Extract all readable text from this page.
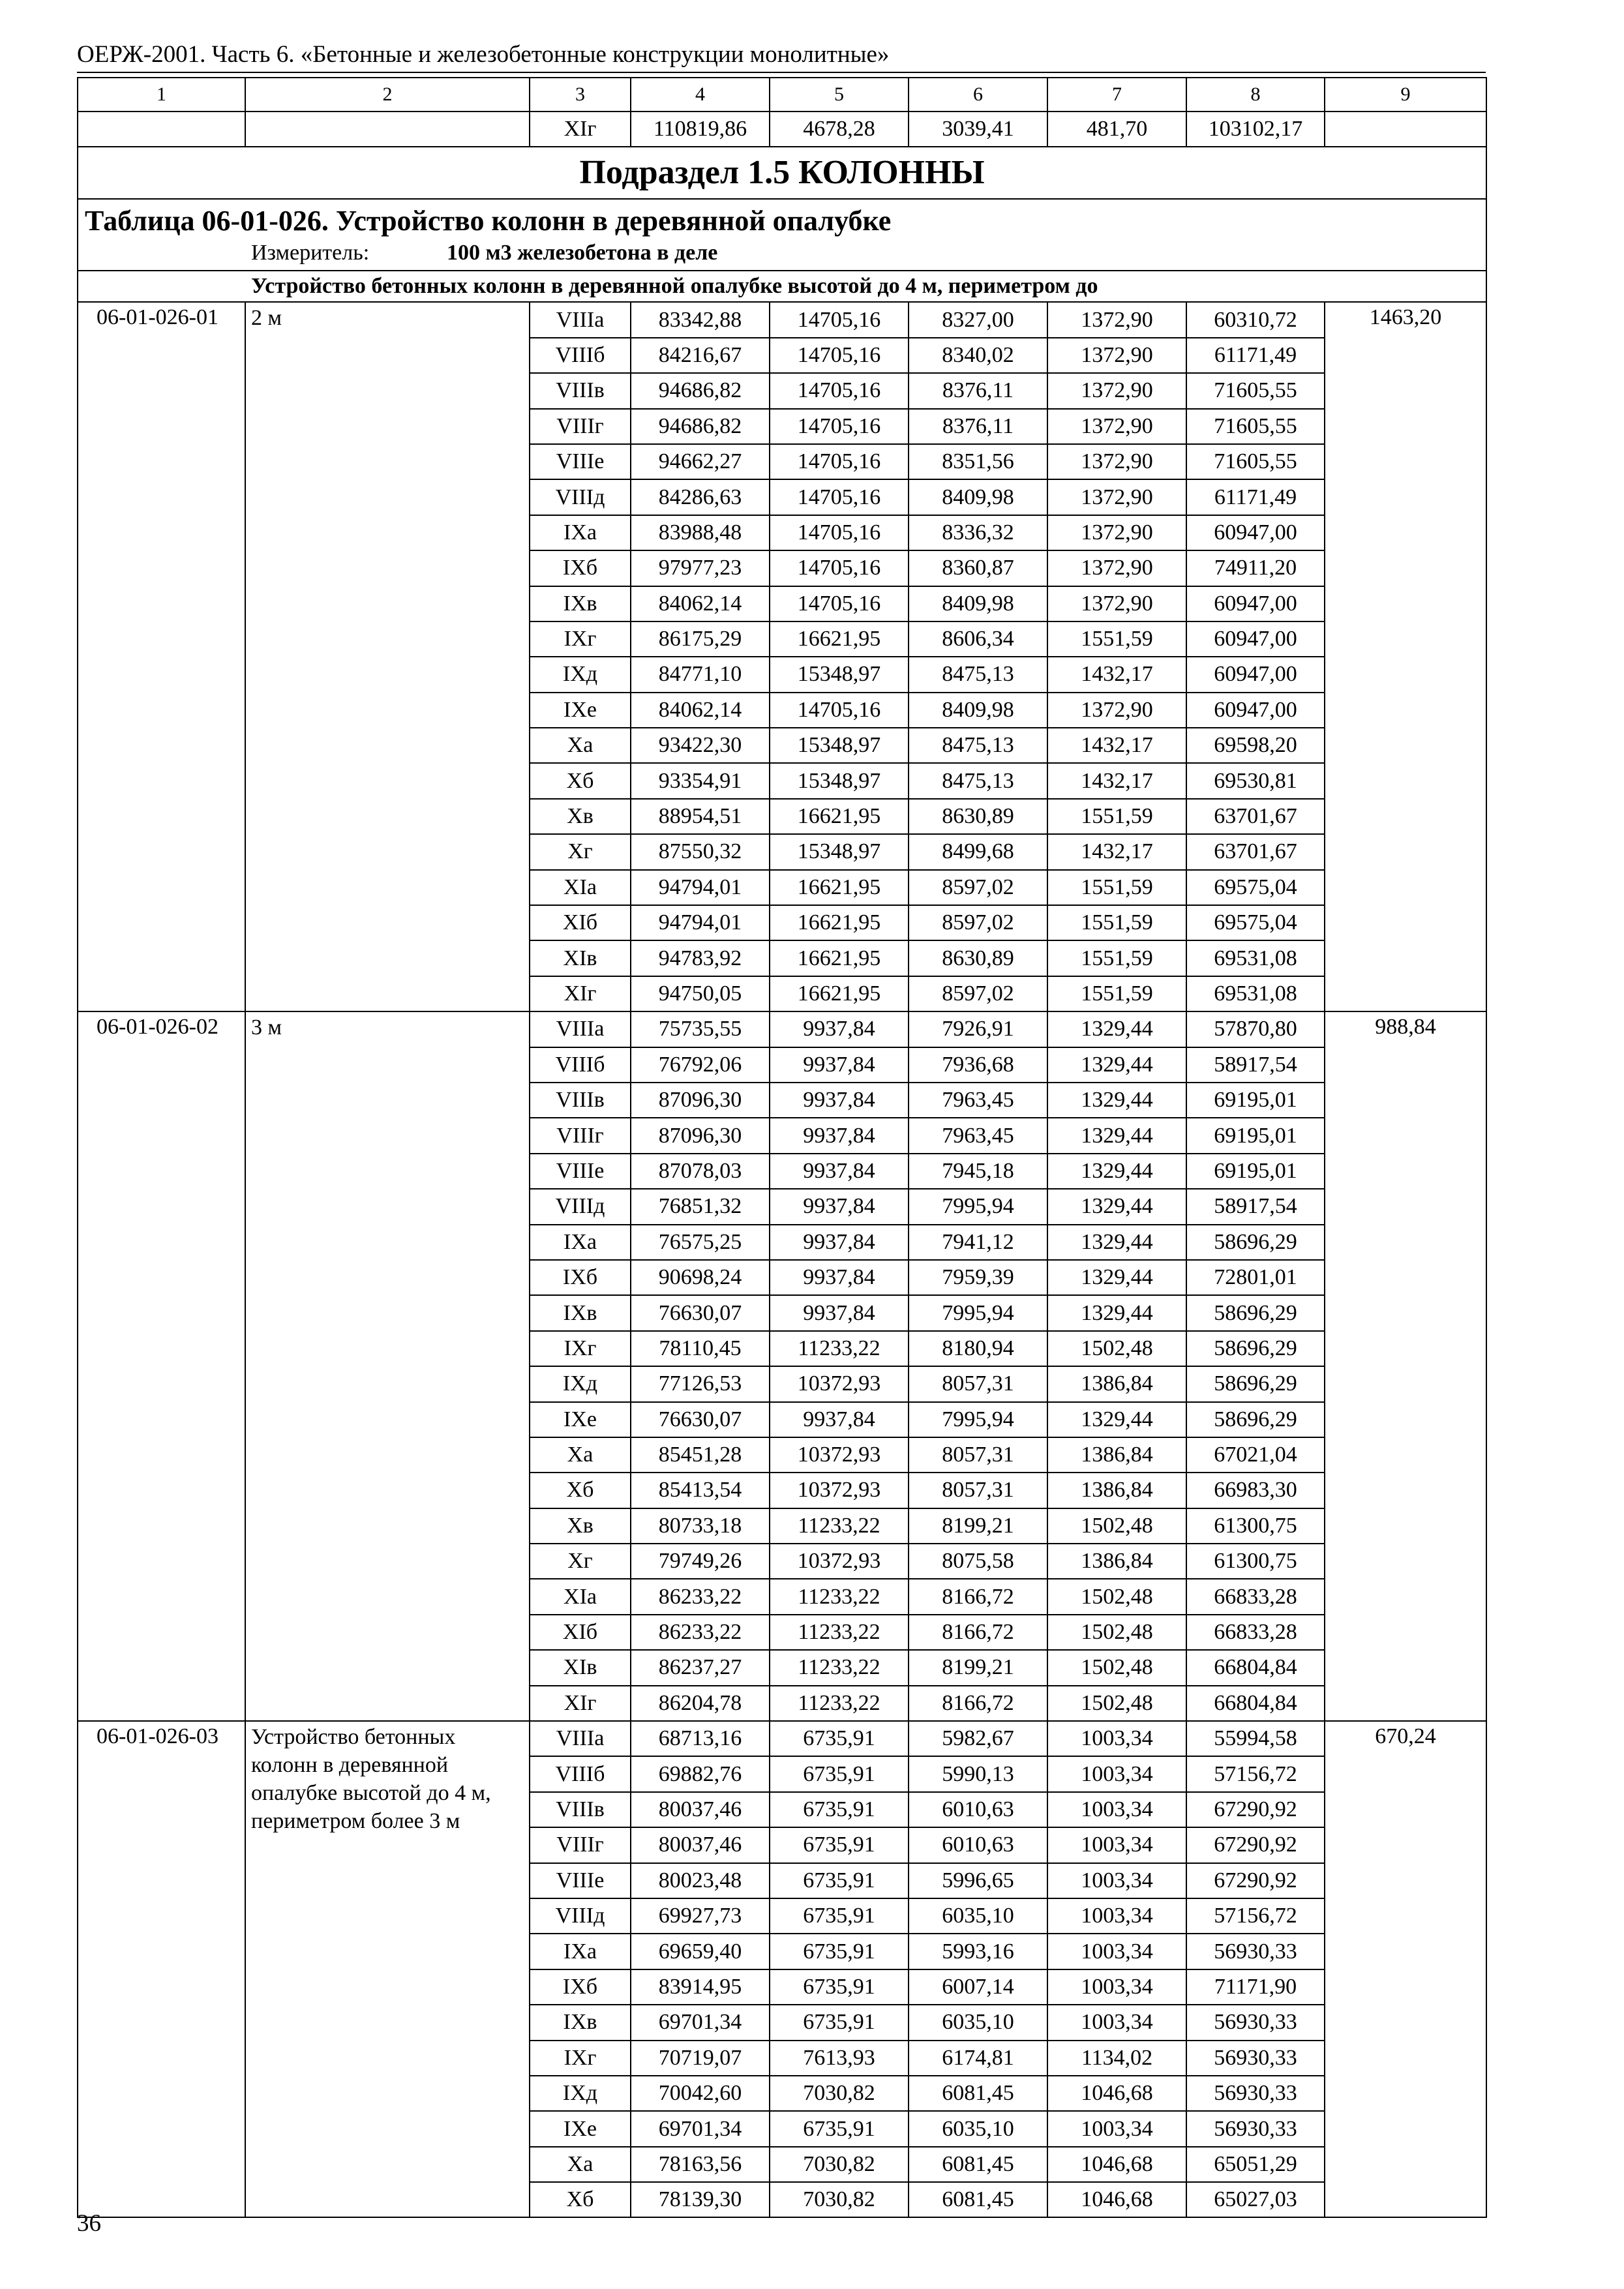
ОЕРЖ-2001. Часть 6. «Бетонные и железобетонные конструкции монолитные»
1	2	3	4	5	6	7	8	9
		XIг	110819,86	4678,28	3039,41	481,70	103102,17	
Подраздел 1.5 КОЛОННЫ								

Таблица 06-01-026. Устройство колонн в деревянной опалубке
Измеритель: 100 м3 железобетона в деле								

Устройство бетонных колонн в деревянной опалубке высотой до 4 м, периметром до								
06-01-026-01	2 м	VIIIа	83342,88	14705,16	8327,00	1372,90	60310,72	1463,20
		VIIIб	84216,67	14705,16	8340,02	1372,90	61171,49	
		VIIIв	94686,82	14705,16	8376,11	1372,90	71605,55	
		VIIIг	94686,82	14705,16	8376,11	1372,90	71605,55	
		VIIIе	94662,27	14705,16	8351,56	1372,90	71605,55	
		VIIIд	84286,63	14705,16	8409,98	1372,90	61171,49	
		IXа	83988,48	14705,16	8336,32	1372,90	60947,00	
		IXб	97977,23	14705,16	8360,87	1372,90	74911,20	
		IXв	84062,14	14705,16	8409,98	1372,90	60947,00	
		IXг	86175,29	16621,95	8606,34	1551,59	60947,00	
		IXд	84771,10	15348,97	8475,13	1432,17	60947,00	
		IXе	84062,14	14705,16	8409,98	1372,90	60947,00	
		Xа	93422,30	15348,97	8475,13	1432,17	69598,20	
		Xб	93354,91	15348,97	8475,13	1432,17	69530,81	
		Xв	88954,51	16621,95	8630,89	1551,59	63701,67	
		Xг	87550,32	15348,97	8499,68	1432,17	63701,67	
		XIа	94794,01	16621,95	8597,02	1551,59	69575,04	
		XIб	94794,01	16621,95	8597,02	1551,59	69575,04	
		XIв	94783,92	16621,95	8630,89	1551,59	69531,08	
		XIг	94750,05	16621,95	8597,02	1551,59	69531,08	
06-01-026-02	3 м	VIIIа	75735,55	9937,84	7926,91	1329,44	57870,80	988,84
		VIIIб	76792,06	9937,84	7936,68	1329,44	58917,54	
		VIIIв	87096,30	9937,84	7963,45	1329,44	69195,01	
		VIIIг	87096,30	9937,84	7963,45	1329,44	69195,01	
		VIIIе	87078,03	9937,84	7945,18	1329,44	69195,01	
		VIIIд	76851,32	9937,84	7995,94	1329,44	58917,54	
		IXа	76575,25	9937,84	7941,12	1329,44	58696,29	
		IXб	90698,24	9937,84	7959,39	1329,44	72801,01	
		IXв	76630,07	9937,84	7995,94	1329,44	58696,29	
		IXг	78110,45	11233,22	8180,94	1502,48	58696,29	
		IXд	77126,53	10372,93	8057,31	1386,84	58696,29	
		IXе	76630,07	9937,84	7995,94	1329,44	58696,29	
		Xа	85451,28	10372,93	8057,31	1386,84	67021,04	
		Xб	85413,54	10372,93	8057,31	1386,84	66983,30	
		Xв	80733,18	11233,22	8199,21	1502,48	61300,75	
		Xг	79749,26	10372,93	8075,58	1386,84	61300,75	
		XIа	86233,22	11233,22	8166,72	1502,48	66833,28	
		XIб	86233,22	11233,22	8166,72	1502,48	66833,28	
		XIв	86237,27	11233,22	8199,21	1502,48	66804,84	
		XIг	86204,78	11233,22	8166,72	1502,48	66804,84	
06-01-026-03	Устройство бетонных колонн в деревянной опалубке высотой до 4 м, периметром более 3 м	VIIIа	68713,16	6735,91	5982,67	1003,34	55994,58	670,24
		VIIIб	69882,76	6735,91	5990,13	1003,34	57156,72	
		VIIIв	80037,46	6735,91	6010,63	1003,34	67290,92	
		VIIIг	80037,46	6735,91	6010,63	1003,34	67290,92	
		VIIIе	80023,48	6735,91	5996,65	1003,34	67290,92	
		VIIIд	69927,73	6735,91	6035,10	1003,34	57156,72	
		IXа	69659,40	6735,91	5993,16	1003,34	56930,33	
		IXб	83914,95	6735,91	6007,14	1003,34	71171,90	
		IXв	69701,34	6735,91	6035,10	1003,34	56930,33	
		IXг	70719,07	7613,93	6174,81	1134,02	56930,33	
		IXд	70042,60	7030,82	6081,45	1046,68	56930,33	
		IXе	69701,34	6735,91	6035,10	1003,34	56930,33	
		Xа	78163,56	7030,82	6081,45	1046,68	65051,29	
		Xб	78139,30	7030,82	6081,45	1046,68	65027,03	
36
